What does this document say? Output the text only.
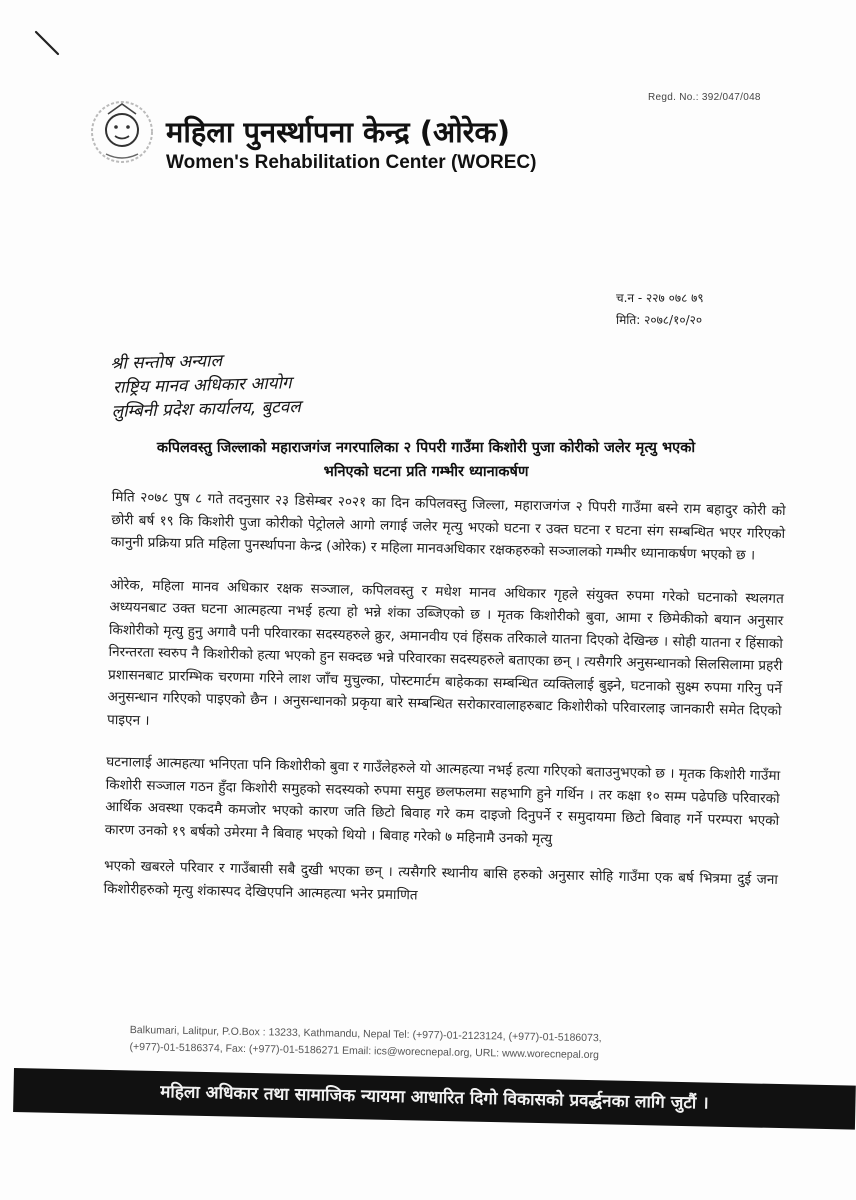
Regd. No.: 392/047/048
महिला पुनर्स्थापना केन्द्र (ओरेक)
Women's Rehabilitation Center (WOREC)
च.न - २२७ ०७८ ७९
मिति: २०७८/१०/२०
श्री सन्तोष अन्याल
राष्ट्रिय मानव अधिकार आयोग
लुम्बिनी प्रदेश कार्यालय, बुटवल
कपिलवस्तु जिल्लाको महाराजगंज नगरपालिका २ पिपरी गाउँमा किशोरी पुजा कोरीको जलेर मृत्यु भएको
भनिएको घटना प्रति गम्भीर ध्यानाकर्षण

मिति २०७८ पुष ८ गते तदनुसार २३ डिसेम्बर २०२१ का दिन कपिलवस्तु जिल्ला, महाराजगंज २ पिपरी गाउँमा बस्ने राम बहादुर कोरी को छोरी बर्ष १९ कि किशोरी पुजा कोरीको पेट्रोलले आगो लगाई जलेर मृत्यु भएको घटना र उक्त घटना र घटना संग सम्बन्धित भएर गरिएको कानुनी प्रक्रिया प्रति महिला पुनर्स्थापना केन्द्र (ओरेक) र महिला मानवअधिकार रक्षकहरुको सञ्जालको गम्भीर ध्यानाकर्षण भएको छ ।

ओरेक, महिला मानव अधिकार रक्षक सञ्जाल, कपिलवस्तु र मधेश मानव अधिकार गृहले संयुक्त रुपमा गरेको घटनाको स्थलगत अध्ययनबाट उक्त घटना आत्महत्या नभई हत्या हो भन्ने शंका उब्जिएको छ । मृतक किशोरीको बुवा, आमा र छिमेकीको बयान अनुसार किशोरीको मृत्यु हुनु अगावै पनी परिवारका सदस्यहरुले क्रुर, अमानवीय एवं हिंसक तरिकाले यातना दिएको देखिन्छ । सोही यातना र हिंसाको निरन्तरता स्वरुप नै किशोरीको हत्या भएको हुन सक्दछ भन्ने परिवारका सदस्यहरुले बताएका छन् । त्यसैगरि अनुसन्धानको सिलसिलामा प्रहरी प्रशासनबाट प्रारम्भिक चरणमा गरिने लाश जाँच मुचुल्का, पोस्टमार्टम बाहेकका सम्बन्धित व्यक्तिलाई बुझ्ने, घटनाको सुक्ष्म रुपमा गरिनु पर्ने अनुसन्धान गरिएको पाइएको छैन । अनुसन्धानको प्रकृया बारे सम्बन्धित सरोकारवालाहरुबाट किशोरीको परिवारलाइ जानकारी समेत दिएको पाइएन ।

घटनालाई आत्महत्या भनिएता पनि किशोरीको बुवा र गाउँलेहरुले यो आत्महत्या नभई हत्या गरिएको बताउनुभएको छ । मृतक किशोरी गाउँमा किशोरी सञ्जाल गठन हुँदा किशोरी समुहको सदस्यको रुपमा समुह छलफलमा सहभागि हुने गर्थिन । तर कक्षा १० सम्म पढेपछि परिवारको आर्थिक अवस्था एकदमै कमजोर भएको कारण जति छिटो बिवाह गरे कम दाइजो दिनुपर्ने र समुदायमा छिटो बिवाह गर्ने परम्परा भएको कारण उनको १९ बर्षको उमेरमा नै बिवाह भएको थियो । बिवाह गरेको ७ महिनामै उनको मृत्यु

भएको खबरले परिवार र गाउँबासी सबै दुखी भएका छन् । त्यसैगरि स्थानीय बासि हरुको अनुसार सोहि गाउँमा एक बर्ष भित्रमा दुई जना किशोरीहरुको मृत्यु शंकास्पद देखिएपनि आत्महत्या भनेर प्रमाणित

Balkumari, Lalitpur, P.O.Box : 13233, Kathmandu, Nepal Tel: (+977)-01-2123124, (+977)-01-5186073,
(+977)-01-5186374, Fax: (+977)-01-5186271 Email: ics@worecnepal.org, URL: www.worecnepal.org
महिला अधिकार तथा सामाजिक न्यायमा आधारित दिगो विकासको प्रवर्द्धनका लागि जुटौं ।
